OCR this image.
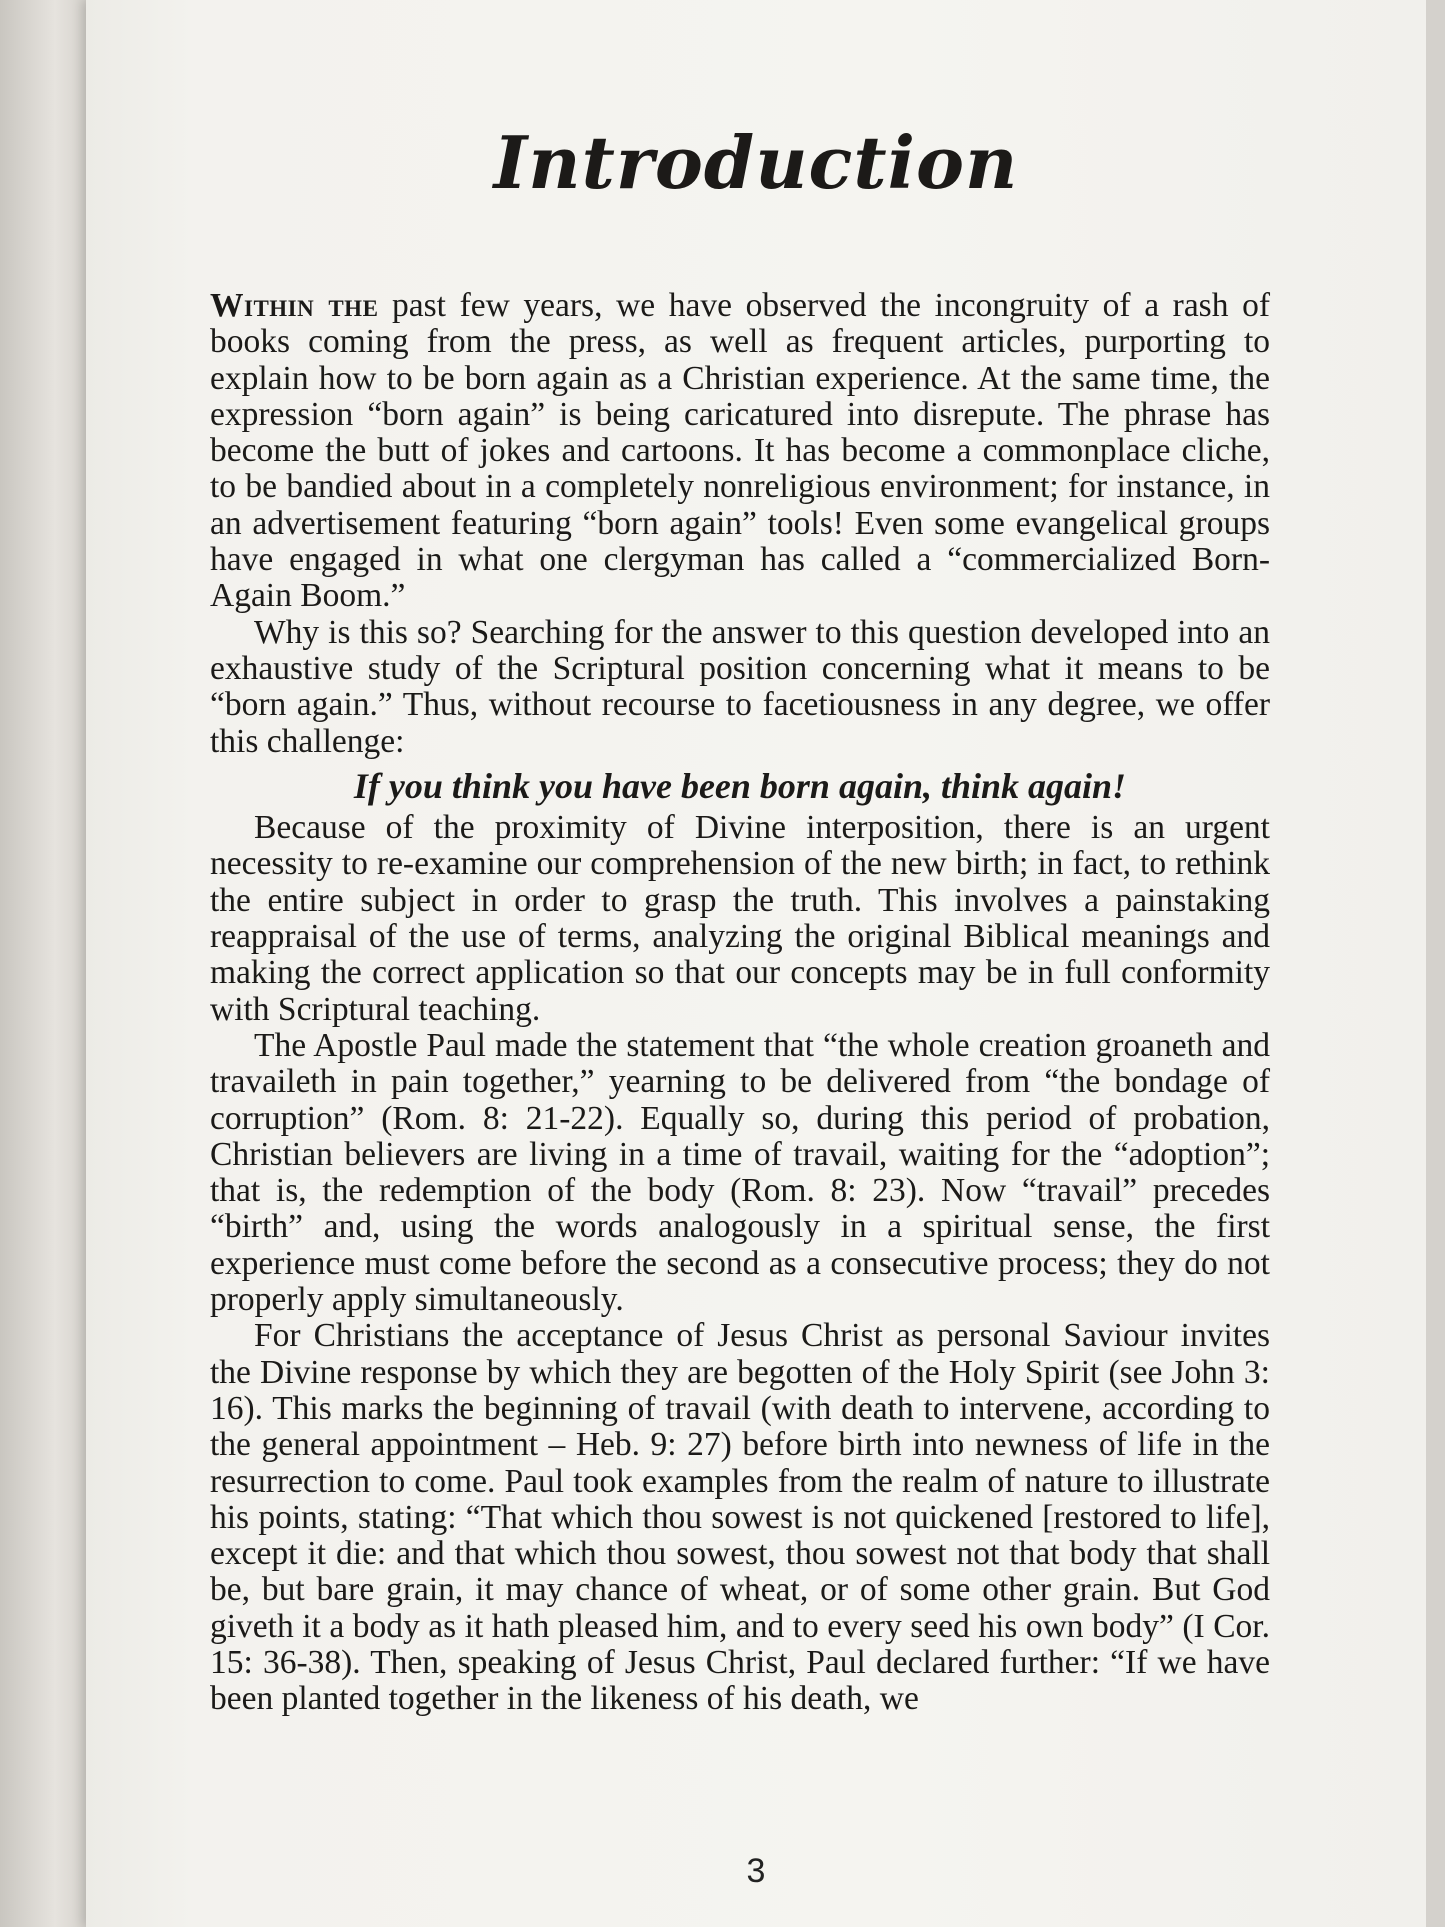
Introduction

Within the past few years, we have observed the incongruity of a rash of books coming from the press, as well as frequent articles, purporting to explain how to be born again as a Christian experience. At the same time, the expression “born again” is being caricatured into disrepute. The phrase has become the butt of jokes and cartoons. It has become a commonplace cliche, to be bandied about in a completely nonreligious environment; for instance, in an advertisement featuring “born again” tools! Even some evangelical groups have engaged in what one clergyman has called a “commercialized Born-Again Boom.”

Why is this so? Searching for the answer to this question developed into an exhaustive study of the Scriptural position concerning what it means to be “born again.” Thus, without recourse to facetiousness in any degree, we offer this challenge:

If you think you have been born again, think again!

Because of the proximity of Divine interposition, there is an urgent necessity to re-examine our comprehension of the new birth; in fact, to rethink the entire subject in order to grasp the truth. This involves a painstaking reappraisal of the use of terms, analyzing the original Biblical meanings and making the correct application so that our concepts may be in full conformity with Scriptural teaching.

The Apostle Paul made the statement that “the whole creation groaneth and travaileth in pain together,” yearning to be delivered from “the bondage of corruption” (Rom. 8: 21-22). Equally so, during this period of probation, Christian believers are living in a time of travail, waiting for the “adoption”; that is, the redemption of the body (Rom. 8: 23). Now “travail” precedes “birth” and, using the words analogously in a spiritual sense, the first experience must come before the second as a consecutive process; they do not properly apply simultaneously.

For Christians the acceptance of Jesus Christ as personal Saviour invites the Divine response by which they are begotten of the Holy Spirit (see John 3: 16). This marks the beginning of travail (with death to intervene, according to the general appointment – Heb. 9: 27) before birth into newness of life in the resurrection to come. Paul took examples from the realm of nature to illustrate his points, stating: “That which thou sowest is not quickened [restored to life], except it die: and that which thou sowest, thou sowest not that body that shall be, but bare grain, it may chance of wheat, or of some other grain. But God giveth it a body as it hath pleased him, and to every seed his own body” (I Cor. 15: 36-38). Then, speaking of Jesus Christ, Paul declared further: “If we have been planted together in the likeness of his death, we

3
